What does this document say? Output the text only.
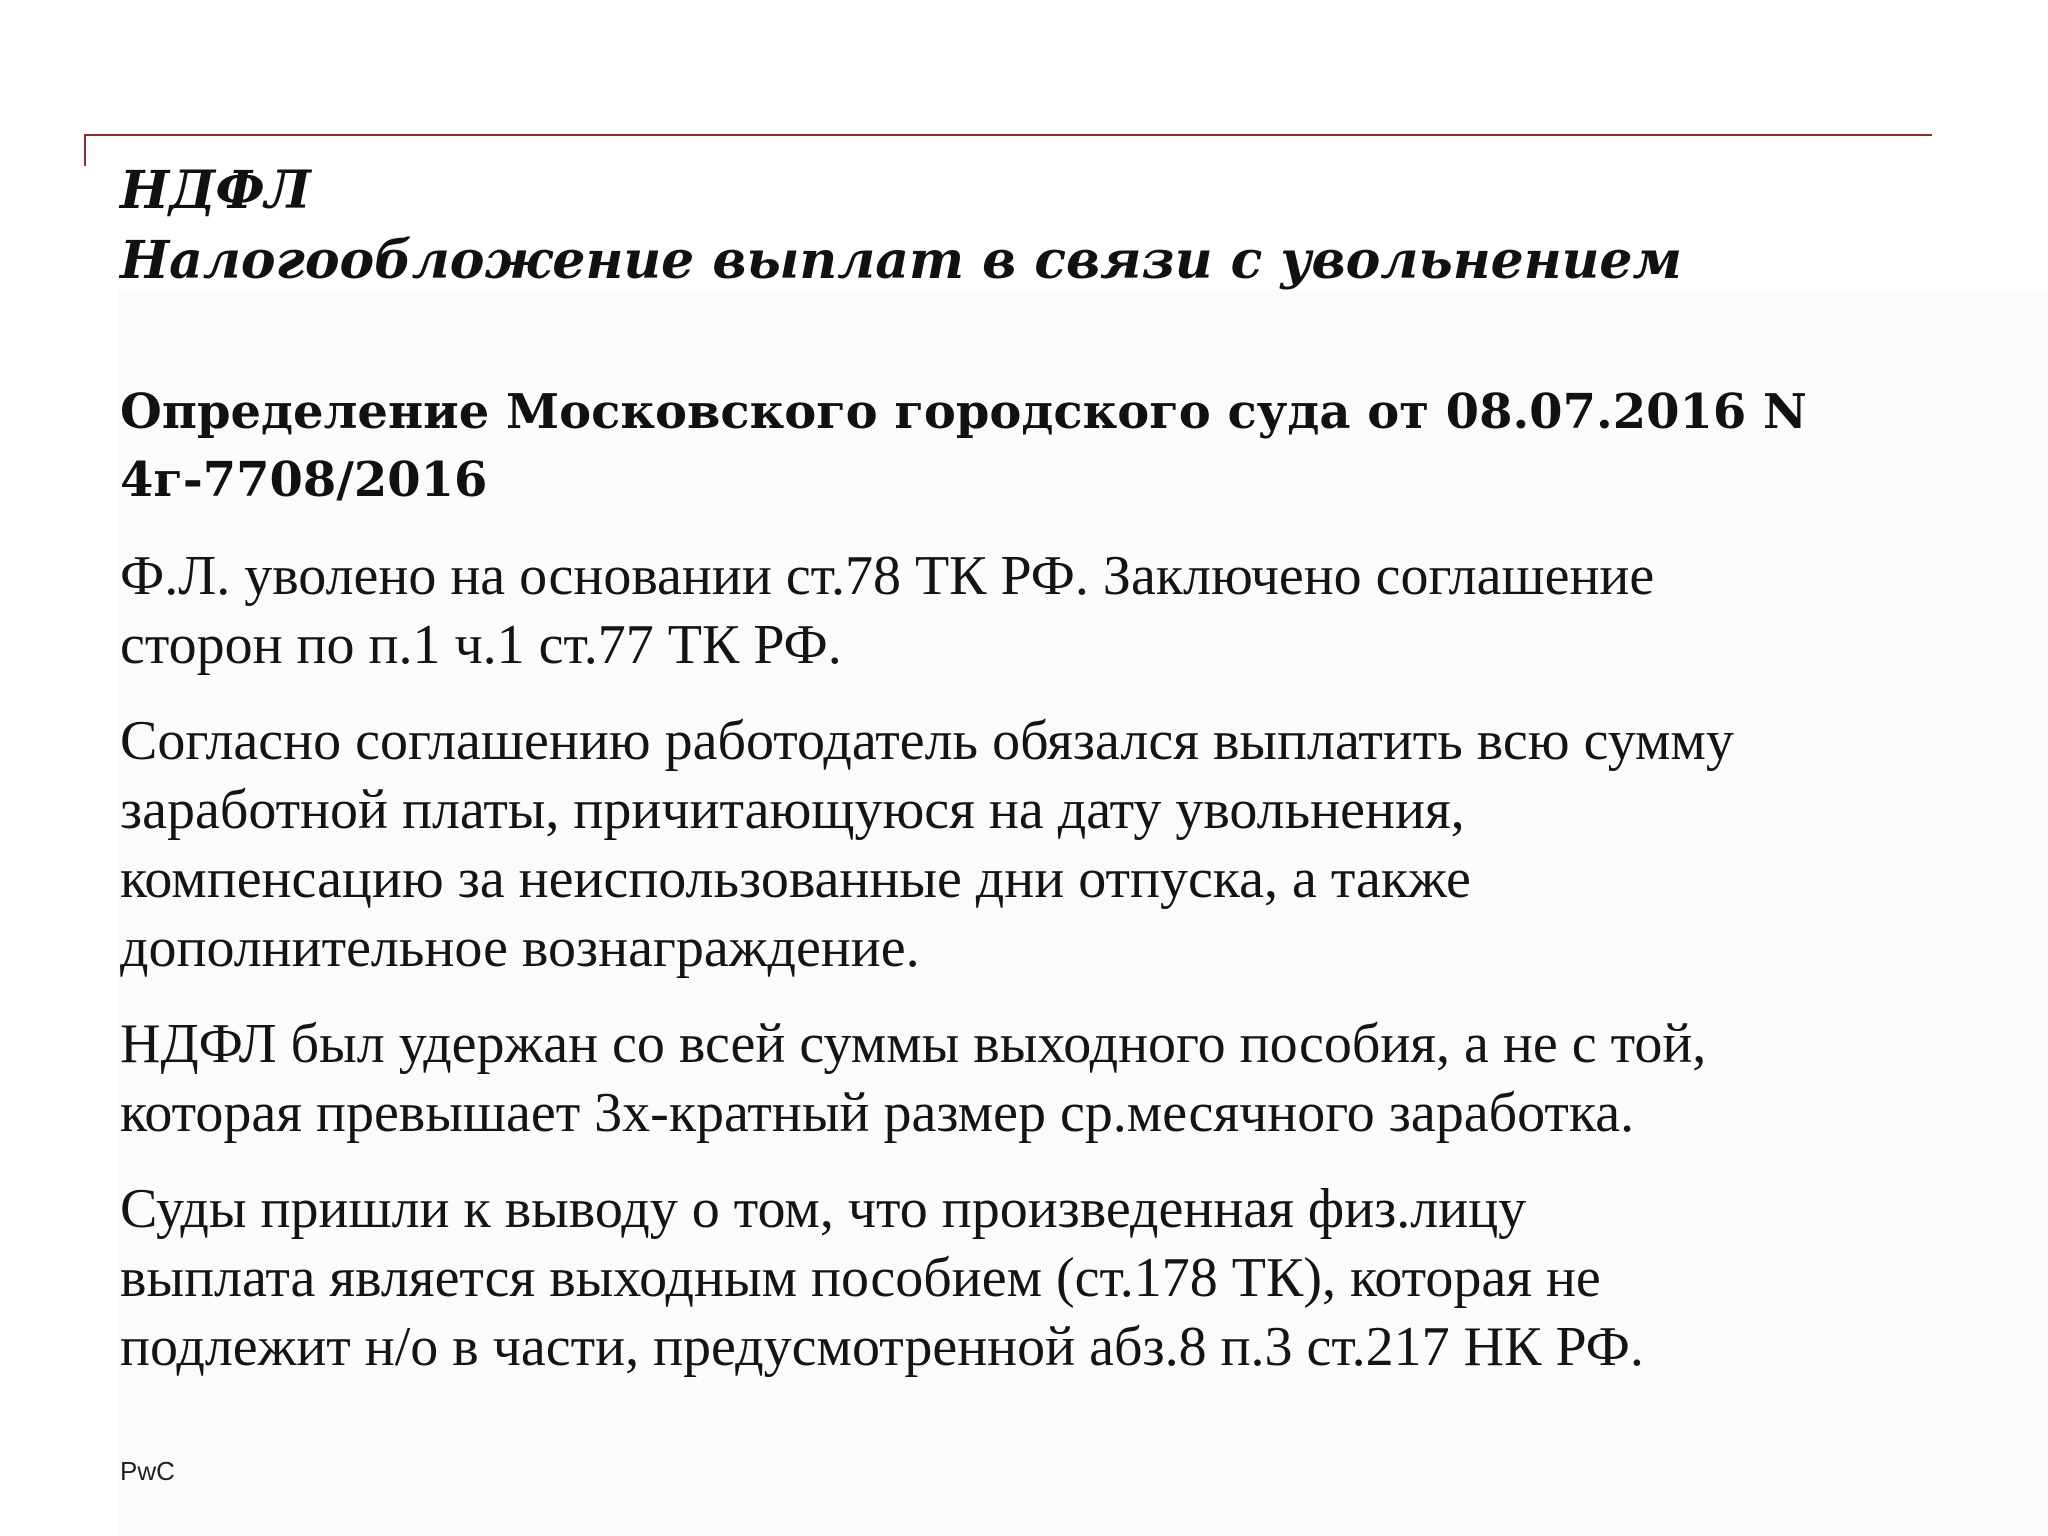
НДФЛ
Налогообложение выплат в связи с увольнением
Определение Московского городского суда от 08.07.2016 N
4г-7708/2016

Ф.Л. уволено на основании ст.78 ТК РФ. Заключено соглашение
сторон по п.1 ч.1 ст.77 ТК РФ.

Согласно соглашению работодатель обязался выплатить всю сумму
заработной платы, причитающуюся на дату увольнения,
компенсацию за неиспользованные дни отпуска, а также
дополнительное вознаграждение.

НДФЛ был удержан со всей суммы выходного пособия, а не с той,
которая превышает 3х-кратный размер ср.месячного заработка.

Суды пришли к выводу о том, что произведенная физ.лицу
выплата является выходным пособием (ст.178 ТК), которая не
подлежит н/о в части, предусмотренной абз.8 п.3 ст.217 НК РФ.

PwC
